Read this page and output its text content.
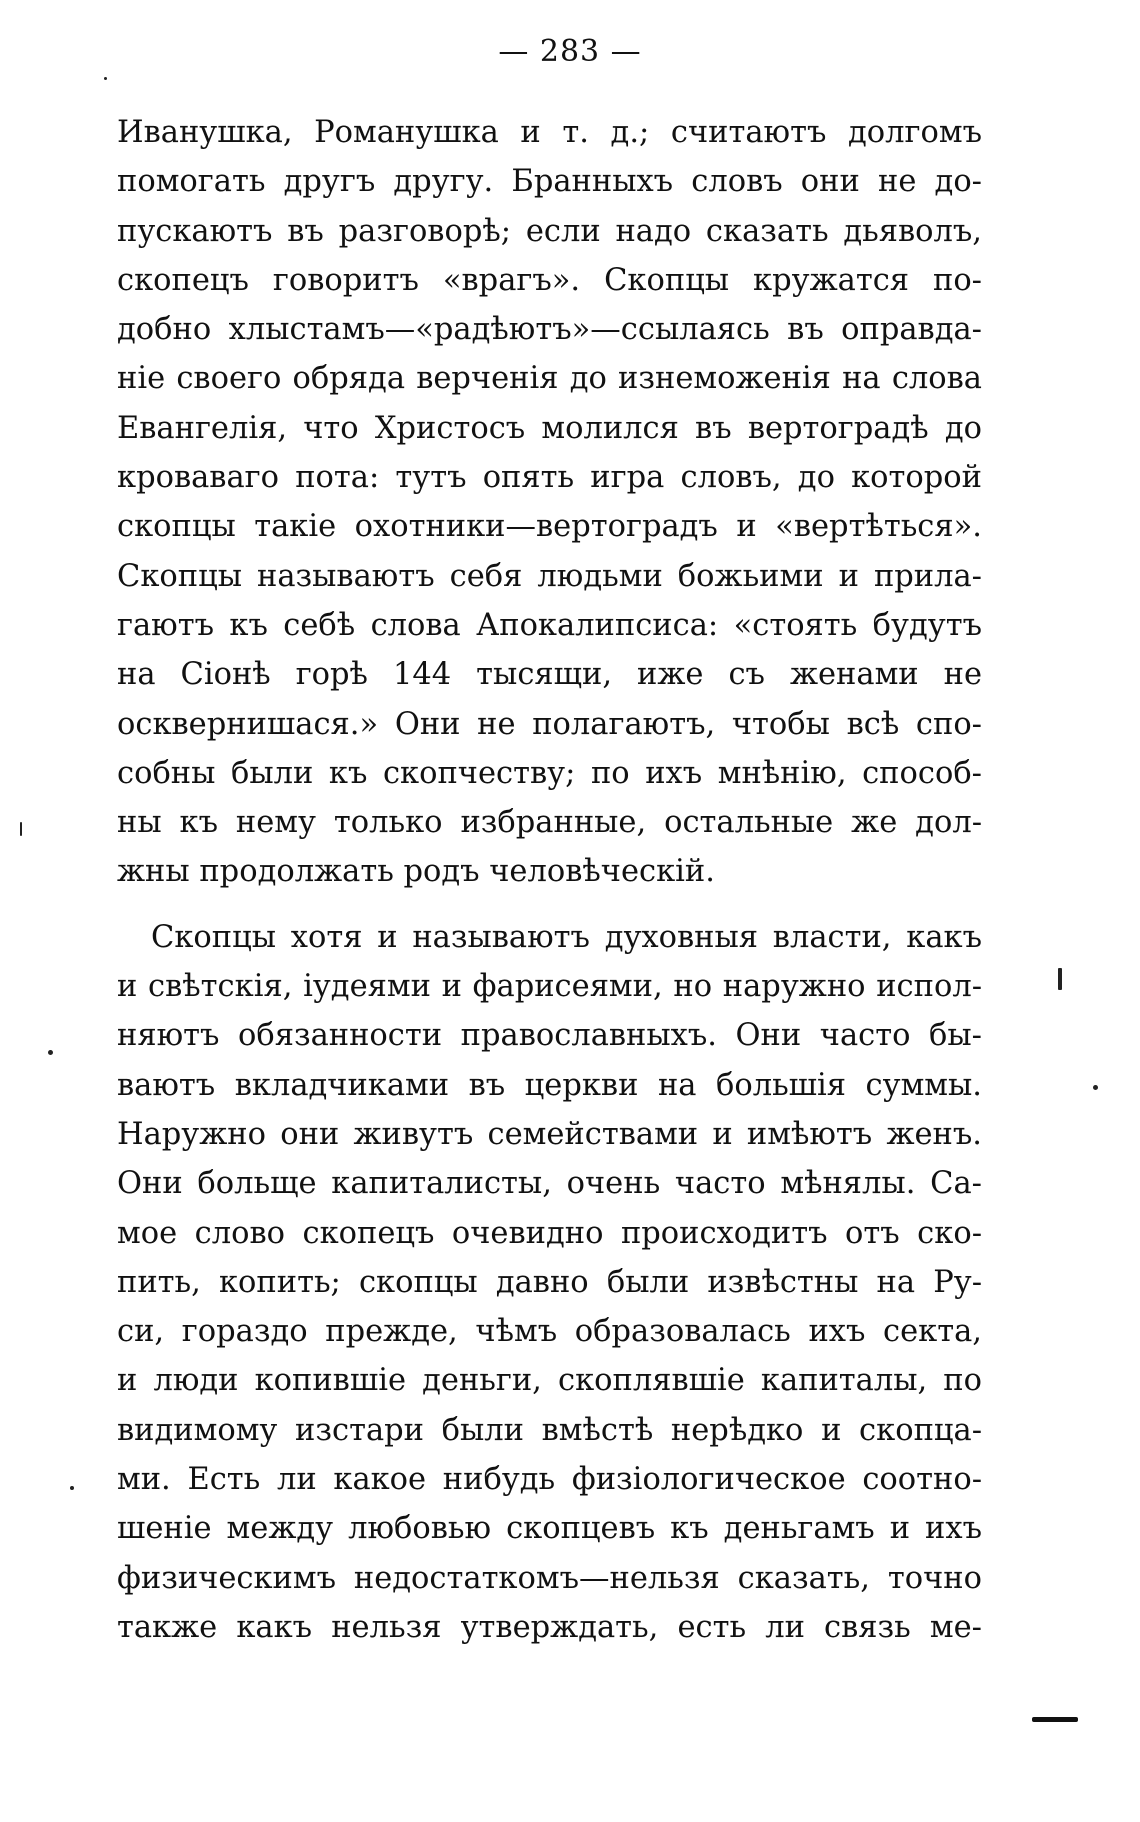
— 283 —
Иванушка, Романушка и т. д.; считаютъ долгомъ
помогать другъ другу. Бранныхъ словъ они не до-
пускаютъ въ разговорѣ; если надо сказать дьяволъ,
скопецъ говоритъ «врагъ». Скопцы кружатся по-
добно хлыстамъ—«радѣютъ»—ссылаясь въ оправда-
ніе своего обряда верченія до изнеможенія на слова
Евангелія, что Христосъ молился въ вертоградѣ до
кроваваго пота: тутъ опять игра словъ, до которой
скопцы такіе охотники—вертоградъ и «вертѣться».
Скопцы называютъ себя людьми божьими и прила-
гаютъ къ себѣ слова Апокалипсиса: «стоять будутъ
на Сіонѣ горѣ 144 тысящи, иже съ женами не
осквернишася.» Они не полагаютъ, чтобы всѣ спо-
собны были къ скопчеству; по ихъ мнѣнію, способ-
ны къ нему только избранные, остальные же дол-
жны продолжать родъ человѣческій.
Скопцы хотя и называютъ духовныя власти, какъ
и свѣтскія, іудеями и фарисеями, но наружно испол-
няютъ обязанности православныхъ. Они часто бы-
ваютъ вкладчиками въ церкви на большія суммы.
Наружно они живутъ семействами и имѣютъ женъ.
Они больще капиталисты, очень часто мѣнялы. Са-
мое слово скопецъ очевидно происходитъ отъ ско-
пить, копить; скопцы давно были извѣстны на Ру-
си, гораздо прежде, чѣмъ образовалась ихъ секта,
и люди копившіе деньги, скоплявшіе капиталы, по
видимому изстари были вмѣстѣ нерѣдко и скопца-
ми. Есть ли какое нибудь физіологическое соотно-
шеніе между любовью скопцевъ къ деньгамъ и ихъ
физическимъ недостаткомъ—нельзя сказать, точно
также какъ нельзя утверждать, есть ли связь ме-
